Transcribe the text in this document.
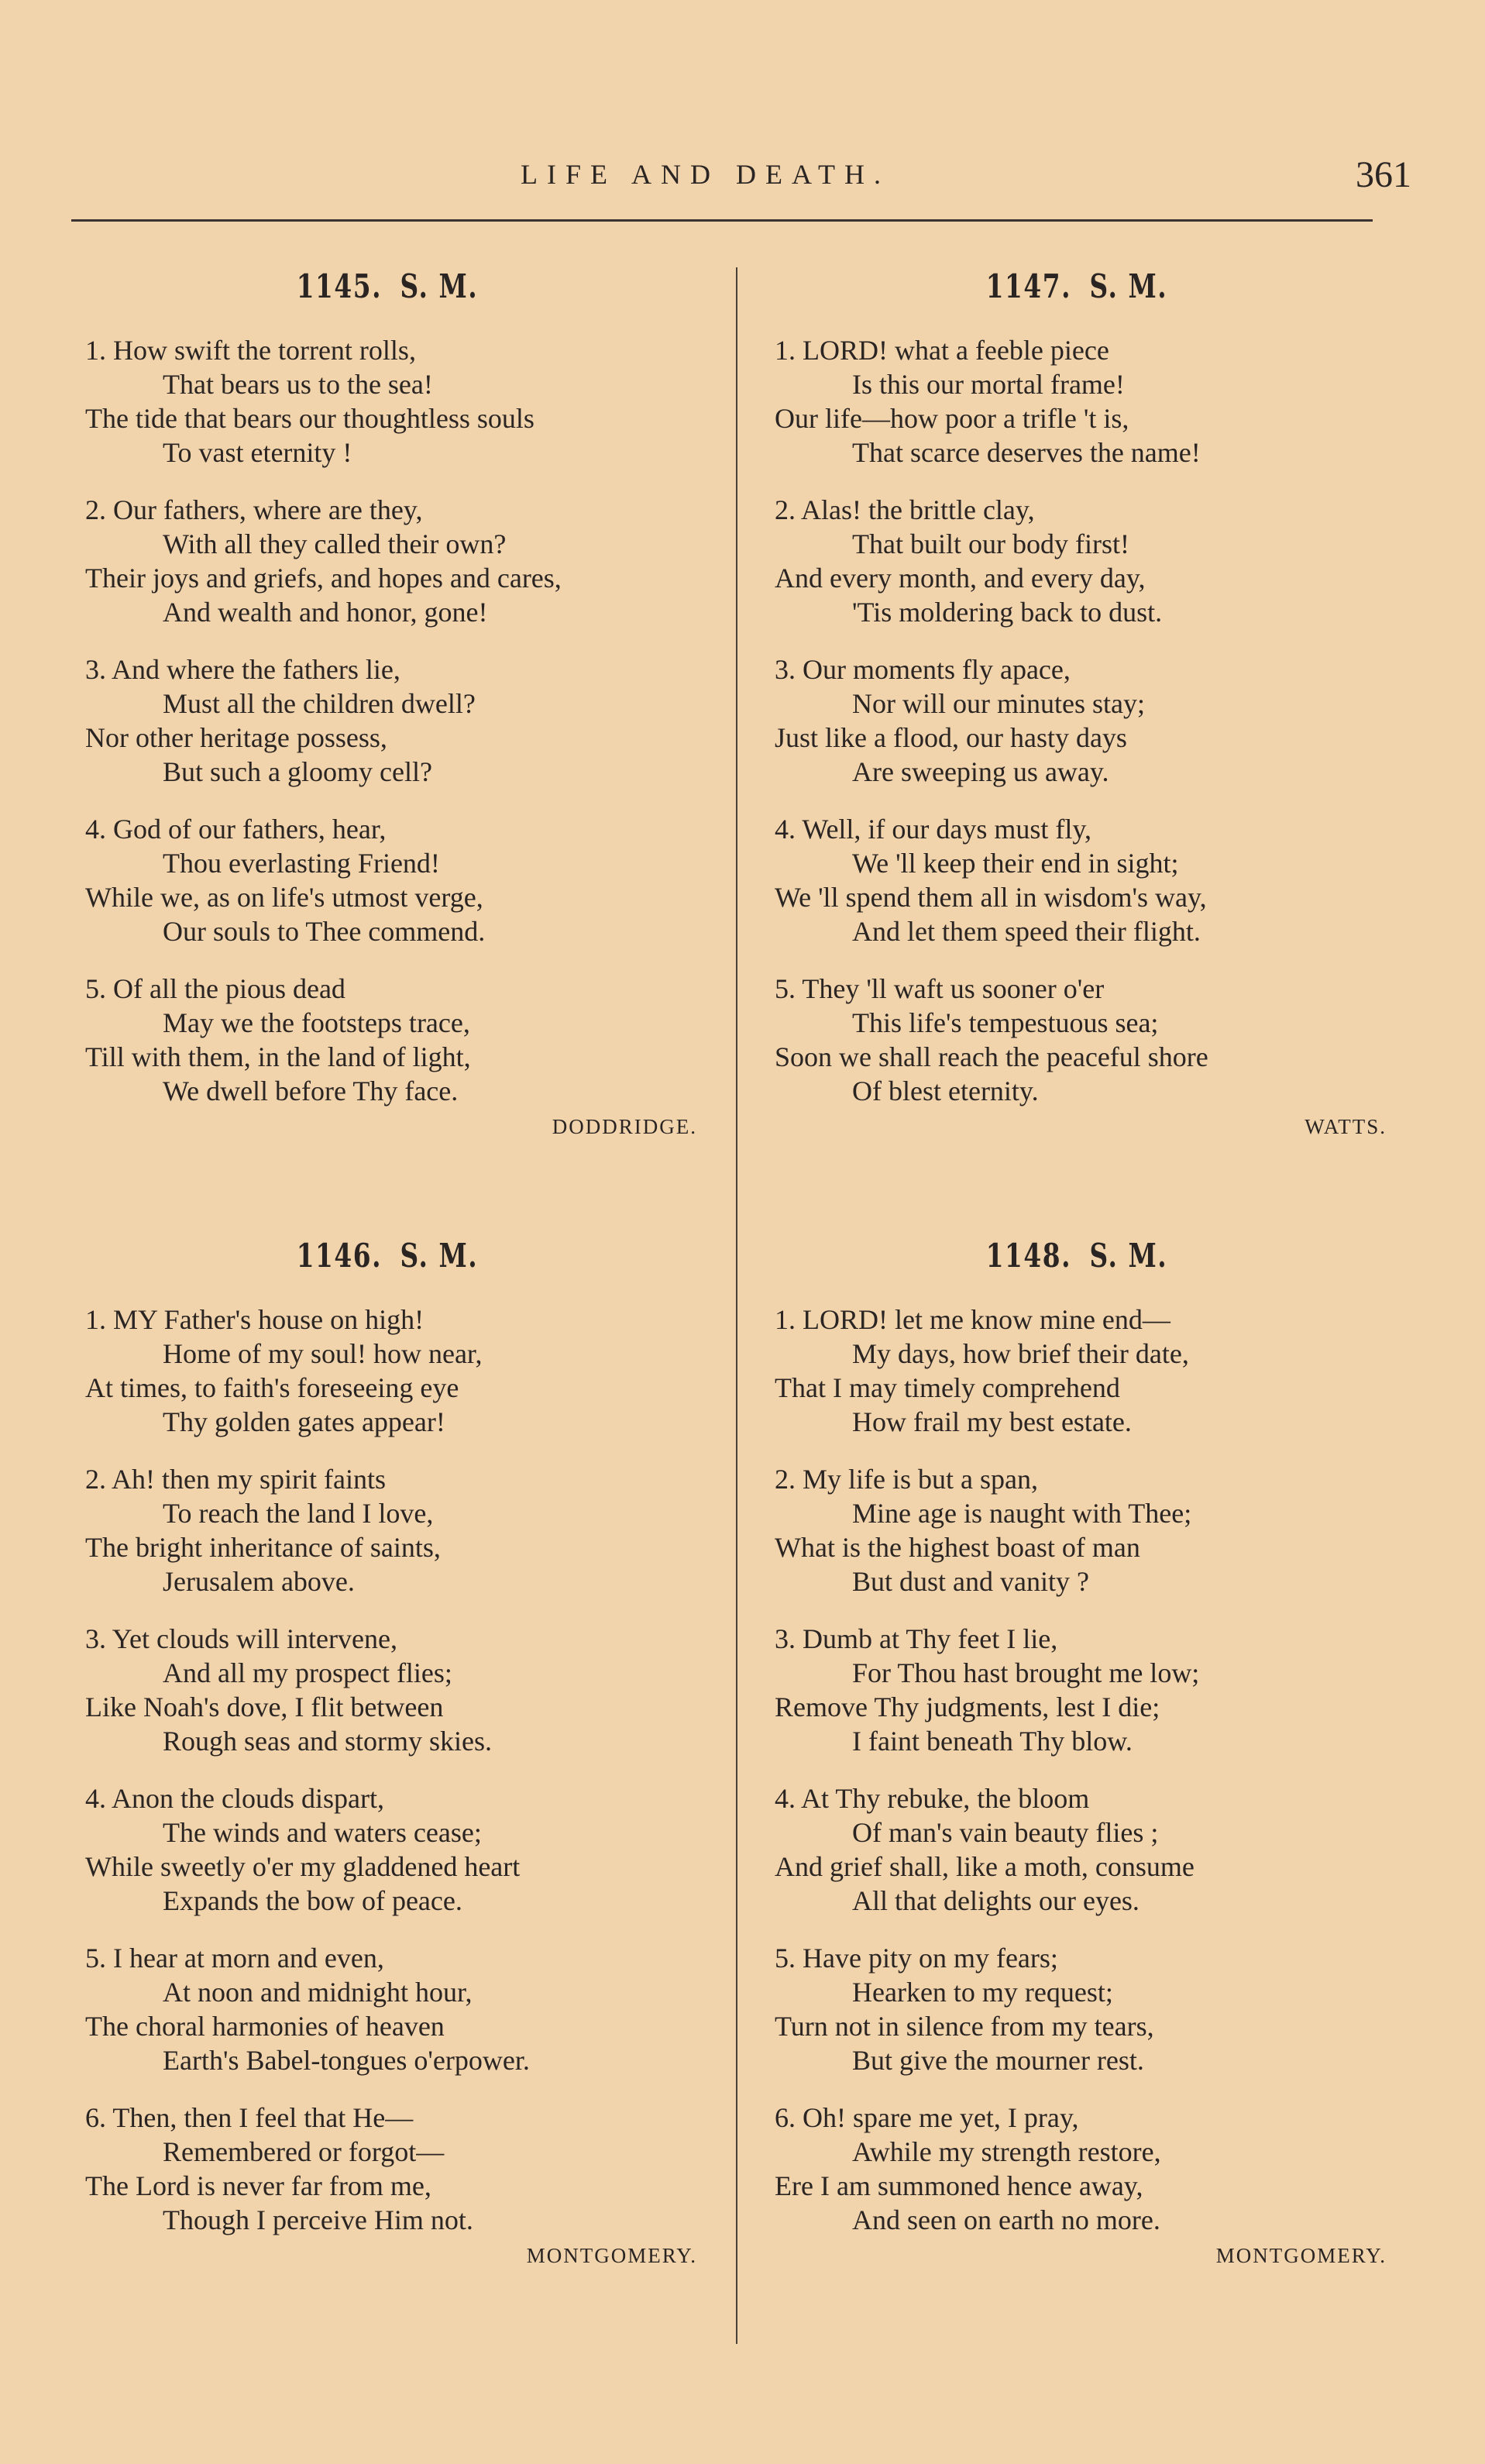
LIFE AND DEATH.	361
1145. S. M.
1. How swift the torrent rolls,
That bears us to the sea!
The tide that bears our thoughtless souls
To vast eternity !
2. Our fathers, where are they,
With all they called their own?
Their joys and griefs, and hopes and cares,
And wealth and honor, gone!
3. And where the fathers lie,
Must all the children dwell?
Nor other heritage possess,
But such a gloomy cell?
4. God of our fathers, hear,
Thou everlasting Friend!
While we, as on life's utmost verge,
Our souls to Thee commend.
5. Of all the pious dead
May we the footsteps trace,
Till with them, in the land of light,
We dwell before Thy face.
DODDRIDGE.
1146. S. M.
1. MY Father's house on high!
Home of my soul! how near,
At times, to faith's foreseeing eye
Thy golden gates appear!
2. Ah! then my spirit faints
To reach the land I love,
The bright inheritance of saints,
Jerusalem above.
3. Yet clouds will intervene,
And all my prospect flies;
Like Noah's dove, I flit between
Rough seas and stormy skies.
4. Anon the clouds dispart,
The winds and waters cease;
While sweetly o'er my gladdened heart
Expands the bow of peace.
5. I hear at morn and even,
At noon and midnight hour,
The choral harmonies of heaven
Earth's Babel-tongues o'erpower.
6. Then, then I feel that He—
Remembered or forgot—
The Lord is never far from me,
Though I perceive Him not.
MONTGOMERY.
1147. S. M.
1. LORD! what a feeble piece
Is this our mortal frame!
Our life—how poor a trifle 't is,
That scarce deserves the name!
2. Alas! the brittle clay,
That built our body first!
And every month, and every day,
'Tis moldering back to dust.
3. Our moments fly apace,
Nor will our minutes stay;
Just like a flood, our hasty days
Are sweeping us away.
4. Well, if our days must fly,
We 'll keep their end in sight;
We 'll spend them all in wisdom's way,
And let them speed their flight.
5. They 'll waft us sooner o'er
This life's tempestuous sea;
Soon we shall reach the peaceful shore
Of blest eternity.
WATTS.
1148. S. M.
1. LORD! let me know mine end—
My days, how brief their date,
That I may timely comprehend
How frail my best estate.
2. My life is but a span,
Mine age is naught with Thee;
What is the highest boast of man
But dust and vanity ?
3. Dumb at Thy feet I lie,
For Thou hast brought me low;
Remove Thy judgments, lest I die;
I faint beneath Thy blow.
4. At Thy rebuke, the bloom
Of man's vain beauty flies ;
And grief shall, like a moth, consume
All that delights our eyes.
5. Have pity on my fears;
Hearken to my request;
Turn not in silence from my tears,
But give the mourner rest.
6. Oh! spare me yet, I pray,
Awhile my strength restore,
Ere I am summoned hence away,
And seen on earth no more.
MONTGOMERY.
